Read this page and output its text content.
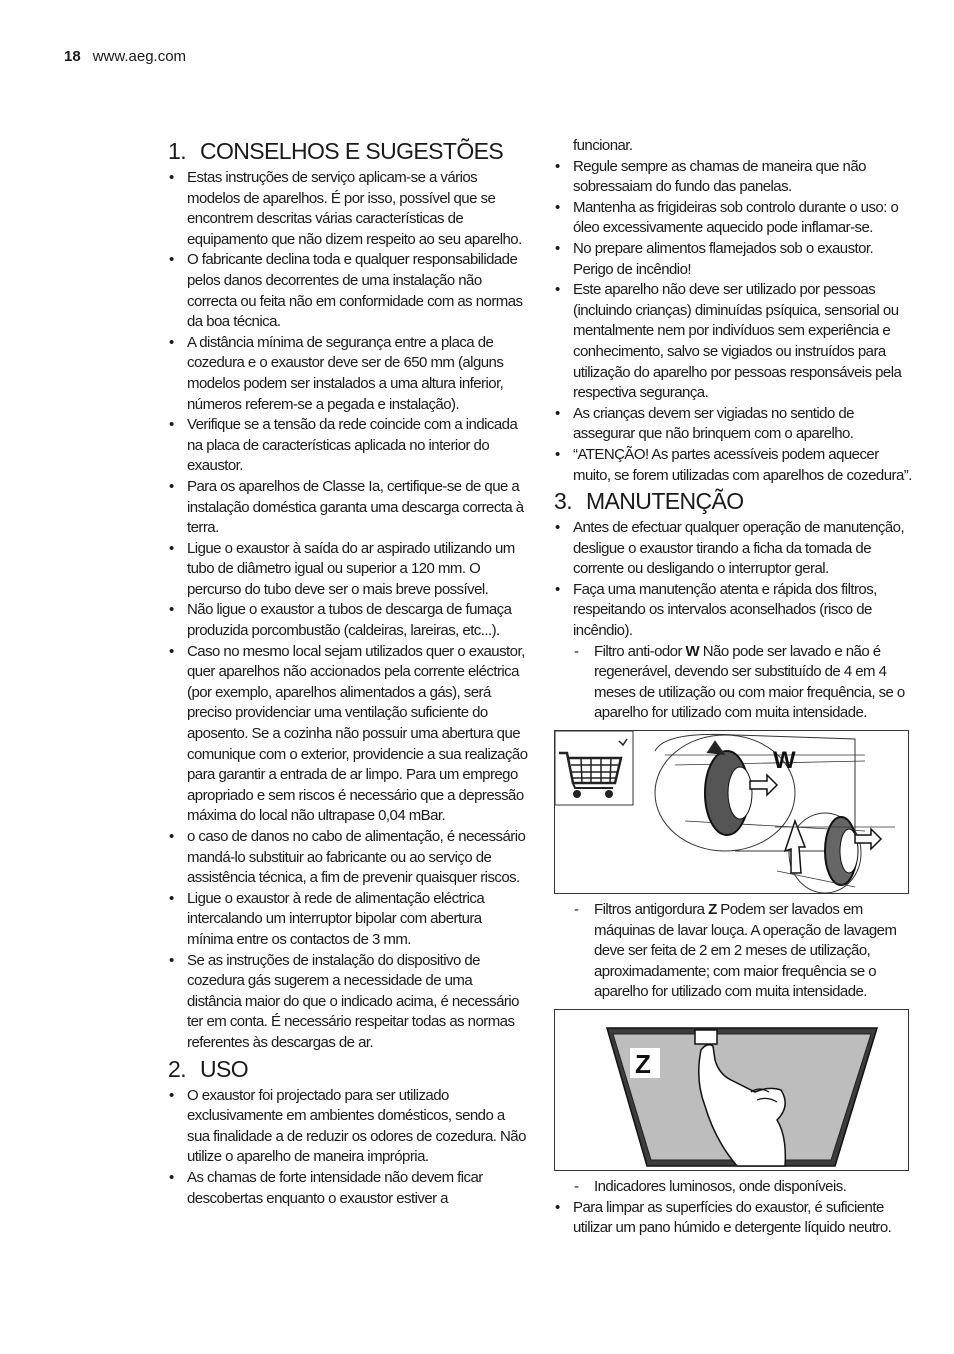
18 www.aeg.com
1. CONSELHOS E SUGESTÕES
• Estas instruções de serviço aplicam-se a vários modelos de aparelhos. É por isso, possível que se encontrem descritas várias características de equipamento que não dizem respeito ao seu aparelho.
• O fabricante declina toda e qualquer responsabilidade pelos danos decorrentes de uma instalação não correcta ou feita não em conformidade com as normas da boa técnica.
• A distância mínima de segurança entre a placa de cozedura e o exaustor deve ser de 650 mm (alguns modelos podem ser instalados a uma altura inferior, números referem-se a pegada e instalação).
• Verifique se a tensão da rede coincide com a indicada na placa de características aplicada no interior do exaustor.
• Para os aparelhos de Classe Ia, certifique-se de que a instalação doméstica garanta uma descarga correcta à terra.
• Ligue o exaustor à saída do ar aspirado utilizando um tubo de diâmetro igual ou superior a 120 mm. O percurso do tubo deve ser o mais breve possível.
• Não ligue o exaustor a tubos de descarga de fumaça produzida porcombustão (caldeiras, lareiras, etc...).
• Caso no mesmo local sejam utilizados quer o exaustor, quer aparelhos não accionados pela corrente eléctrica (por exemplo, aparelhos alimentados a gás), será preciso providenciar uma ventilação suficiente do aposento. Se a cozinha não possuir uma abertura que comunique com o exterior, providencie a sua realização para garantir a entrada de ar limpo. Para um emprego apropriado e sem riscos é necessário que a depressão máxima do local não ultrapase 0,04 mBar.
• o caso de danos no cabo de alimentação, é necessário mandá-lo substituir ao fabricante ou ao serviço de assistência técnica, a fim de prevenir quaisquer riscos.
• Ligue o exaustor à rede de alimentação eléctrica intercalando um interruptor bipolar com abertura mínima entre os contactos de 3 mm.
• Se as instruções de instalação do dispositivo de cozedura gás sugerem a necessidade de uma distância maior do que o indicado acima, é necessário ter em conta. É necessário respeitar todas as normas referentes às descargas de ar.
2. USO
• O exaustor foi projectado para ser utilizado exclusivamente em ambientes domésticos, sendo a sua finalidade a de reduzir os odores de cozedura. Não utilize o aparelho de maneira imprópria.
• As chamas de forte intensidade não devem ficar descobertas enquanto o exaustor estiver a
funcionar.
• Regule sempre as chamas de maneira que não sobressaiam do fundo das panelas.
• Mantenha as frigideiras sob controlo durante o uso: o óleo excessivamente aquecido pode inflamar-se.
• No prepare alimentos flamejados sob o exaustor. Perigo de incêndio!
• Este aparelho não deve ser utilizado por pessoas (incluindo crianças) diminuídas psíquica, sensorial ou mentalmente nem por indivíduos sem experiência e conhecimento, salvo se vigiados ou instruídos para utilização do aparelho por pessoas responsáveis pela respectiva segurança.
• As crianças devem ser vigiadas no sentido de assegurar que não brinquem com o aparelho.
• “ATENÇÃO! As partes acessíveis podem aquecer muito, se forem utilizadas com aparelhos de cozedura”.
3. MANUTENÇÃO
• Antes de efectuar qualquer operação de manutenção, desligue o exaustor tirando a ficha da tomada de corrente ou desligando o interruptor geral.
• Faça uma manutenção atenta e rápida dos filtros, respeitando os intervalos aconselhados (risco de incêndio).
- Filtro anti-odor W Não pode ser lavado e não é regenerável, devendo ser substituído de 4 em 4 meses de utilização ou com maior frequência, se o aparelho for utilizado com muita intensidade.
W
- Filtros antigordura Z Podem ser lavados em máquinas de lavar louça. A operação de lavagem deve ser feita de 2 em 2 meses de utilização, aproximadamente; com maior frequência se o aparelho for utilizado com muita intensidade.
Z
- Indicadores luminosos, onde disponíveis.
• Para limpar as superfícies do exaustor, é suficiente utilizar um pano húmido e detergente líquido neutro.
